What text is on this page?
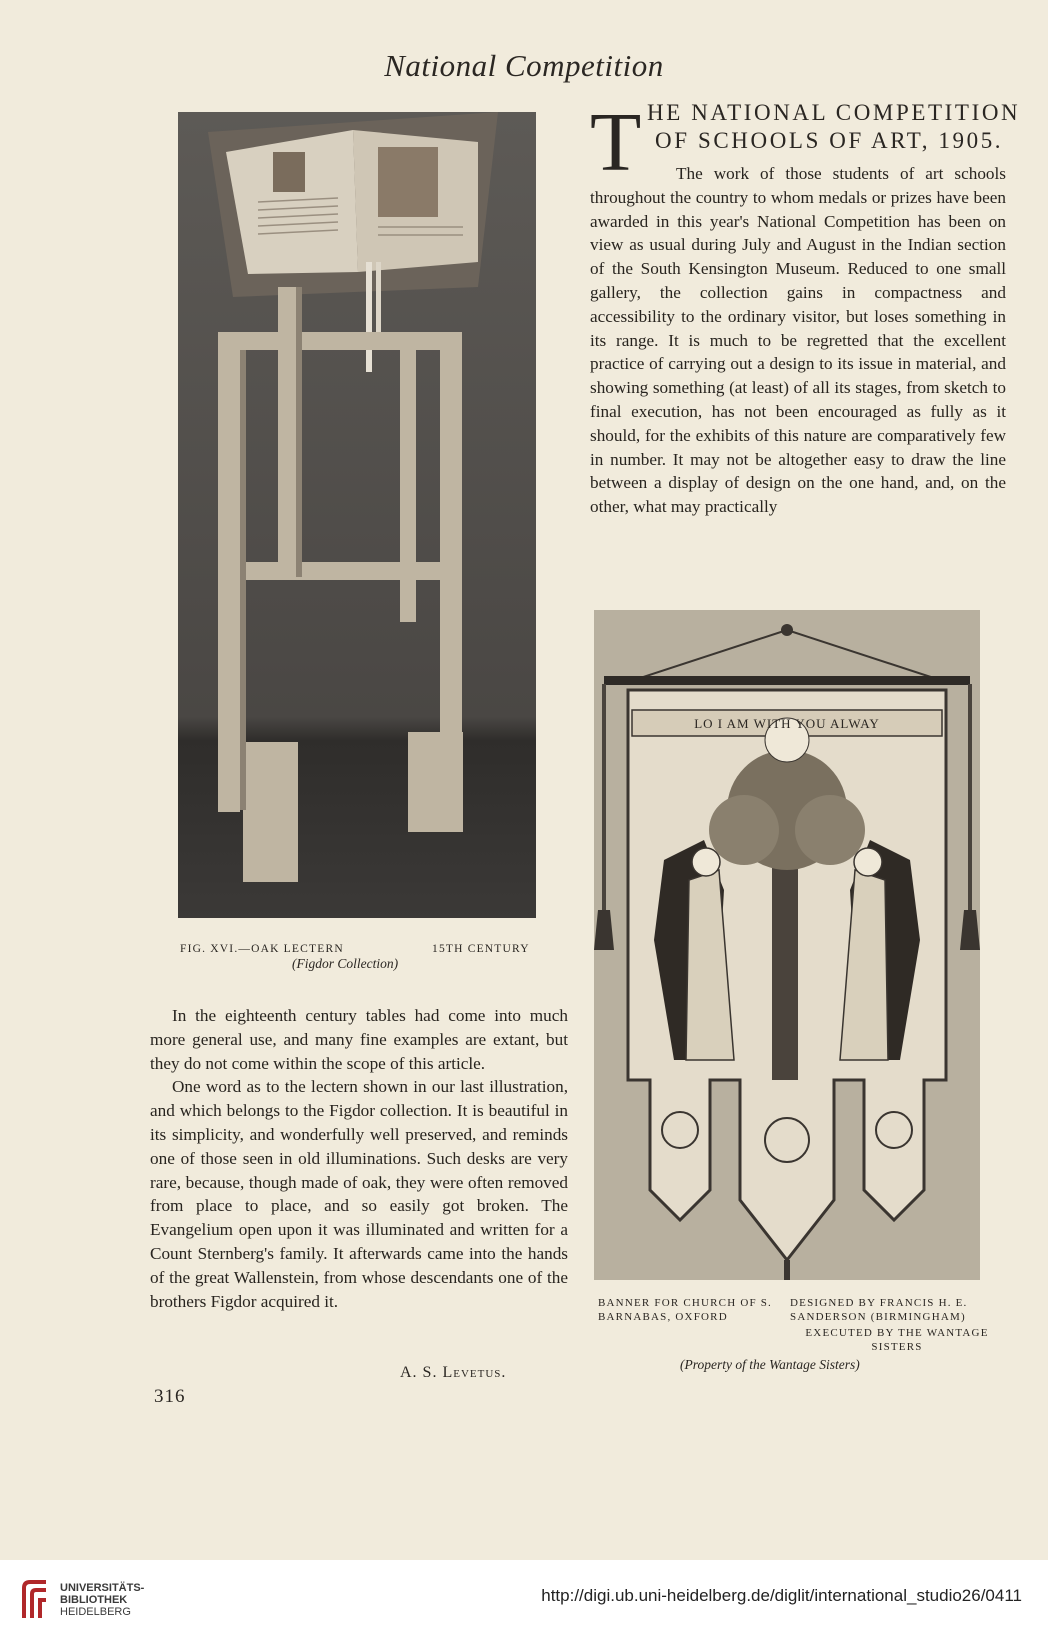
National Competition
FIG. XVI.—OAK LECTERN	15TH CENTURY
(Figdor Collection)
T HE NATIONAL COMPETITION
OF SCHOOLS OF ART, 1905.

The work of those students of art schools throughout the country to whom medals or prizes have been awarded in this year's National Competition has been on view as usual during July and August in the Indian section of the South Kensington Museum. Reduced to one small gallery, the collection gains in compactness and accessibility to the ordinary visitor, but loses something in its range. It is much to be regretted that the excellent practice of carrying out a design to its issue in material, and showing something (at least) of all its stages, from sketch to final execution, has not been encouraged as fully as it should, for the exhibits of this nature are comparatively few in number. It may not be altogether easy to draw the line between a display of design on the one hand, and, on the other, what may practically

LO I AM WITH YOU ALWAY
BANNER FOR CHURCH OF S. BARNABAS, OXFORD
DESIGNED BY FRANCIS H. E. SANDERSON (BIRMINGHAM)
EXECUTED BY THE WANTAGE SISTERS
(Property of the Wantage Sisters)

In the eighteenth century tables had come into much more general use, and many fine examples are extant, but they do not come within the scope of this article.

One word as to the lectern shown in our last illustration, and which belongs to the Figdor collection. It is beautiful in its simplicity, and wonderfully well preserved, and reminds one of those seen in old illuminations. Such desks are very rare, because, though made of oak, they were often removed from place to place, and so easily got broken. The Evangelium open upon it was illuminated and written for a Count Sternberg's family. It afterwards came into the hands of the great Wallenstein, from whose descendants one of the brothers Figdor acquired it.

A. S. Levetus.
316
UNIVERSITÄTS-
BIBLIOTHEK
HEIDELBERG
http://digi.ub.uni-heidelberg.de/diglit/international_studio26/0411
